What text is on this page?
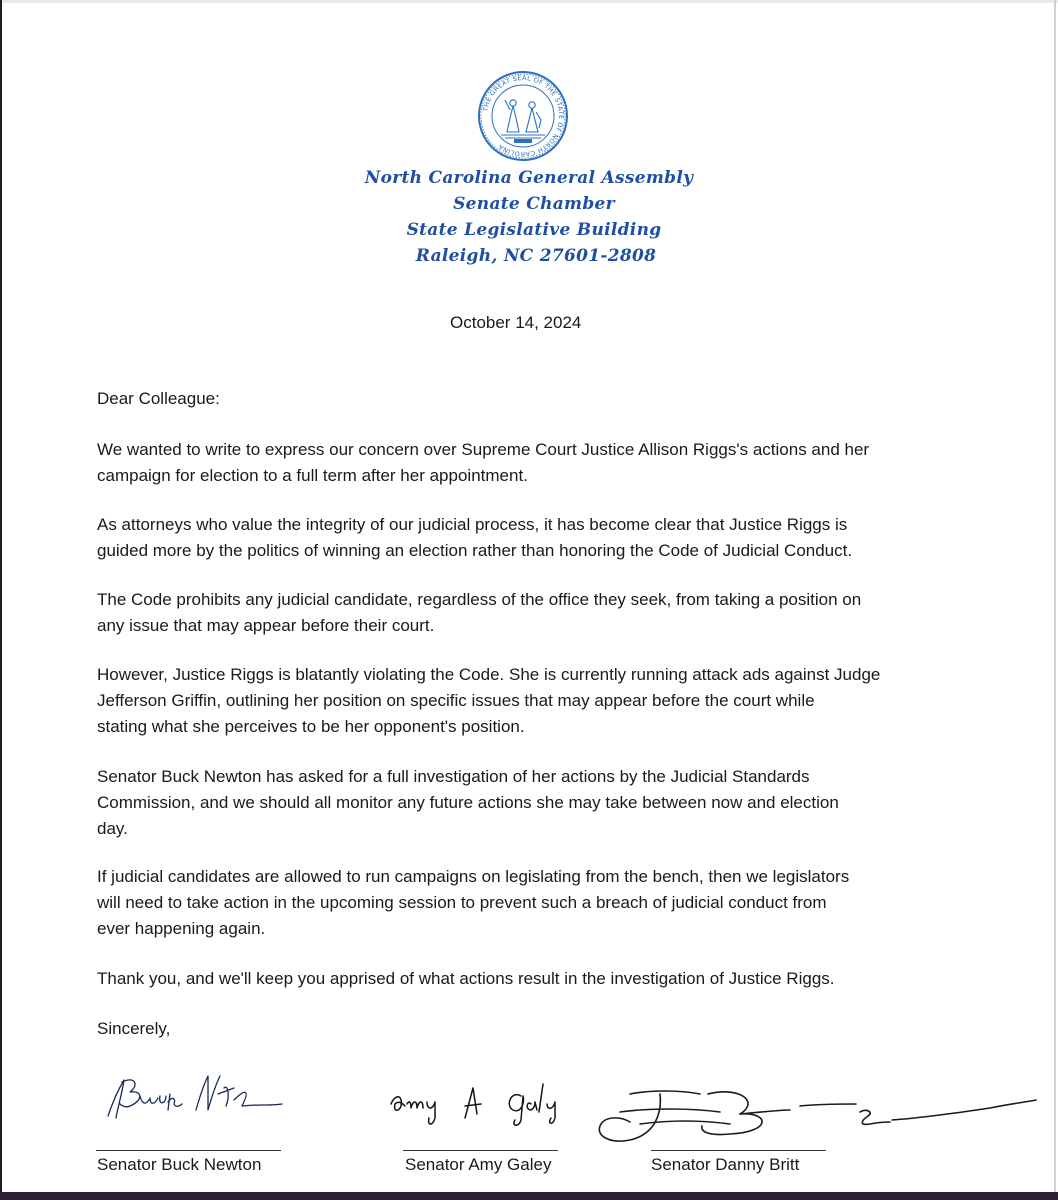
THE GREAT SEAL OF THE STATE OF NORTH CAROLINA
North Carolina General Assembly
Senate Chamber
State Legislative Building
Raleigh, NC 27601-2808
October 14, 2024
Dear Colleague:
We wanted to write to express our concern over Supreme Court Justice Allison Riggs's actions and her
campaign for election to a full term after her appointment.
As attorneys who value the integrity of our judicial process, it has become clear that Justice Riggs is
guided more by the politics of winning an election rather than honoring the Code of Judicial Conduct.
The Code prohibits any judicial candidate, regardless of the office they seek, from taking a position on
any issue that may appear before their court.
However, Justice Riggs is blatantly violating the Code. She is currently running attack ads against Judge
Jefferson Griffin, outlining her position on specific issues that may appear before the court while
stating what she perceives to be her opponent's position.
Senator Buck Newton has asked for a full investigation of her actions by the Judicial Standards
Commission, and we should all monitor any future actions she may take between now and election
day.
If judicial candidates are allowed to run campaigns on legislating from the bench, then we legislators
will need to take action in the upcoming session to prevent such a breach of judicial conduct from
ever happening again.
Thank you, and we'll keep you apprised of what actions result in the investigation of Justice Riggs.
Sincerely,
Senator Buck Newton	Senator Amy Galey	Senator Danny Britt
